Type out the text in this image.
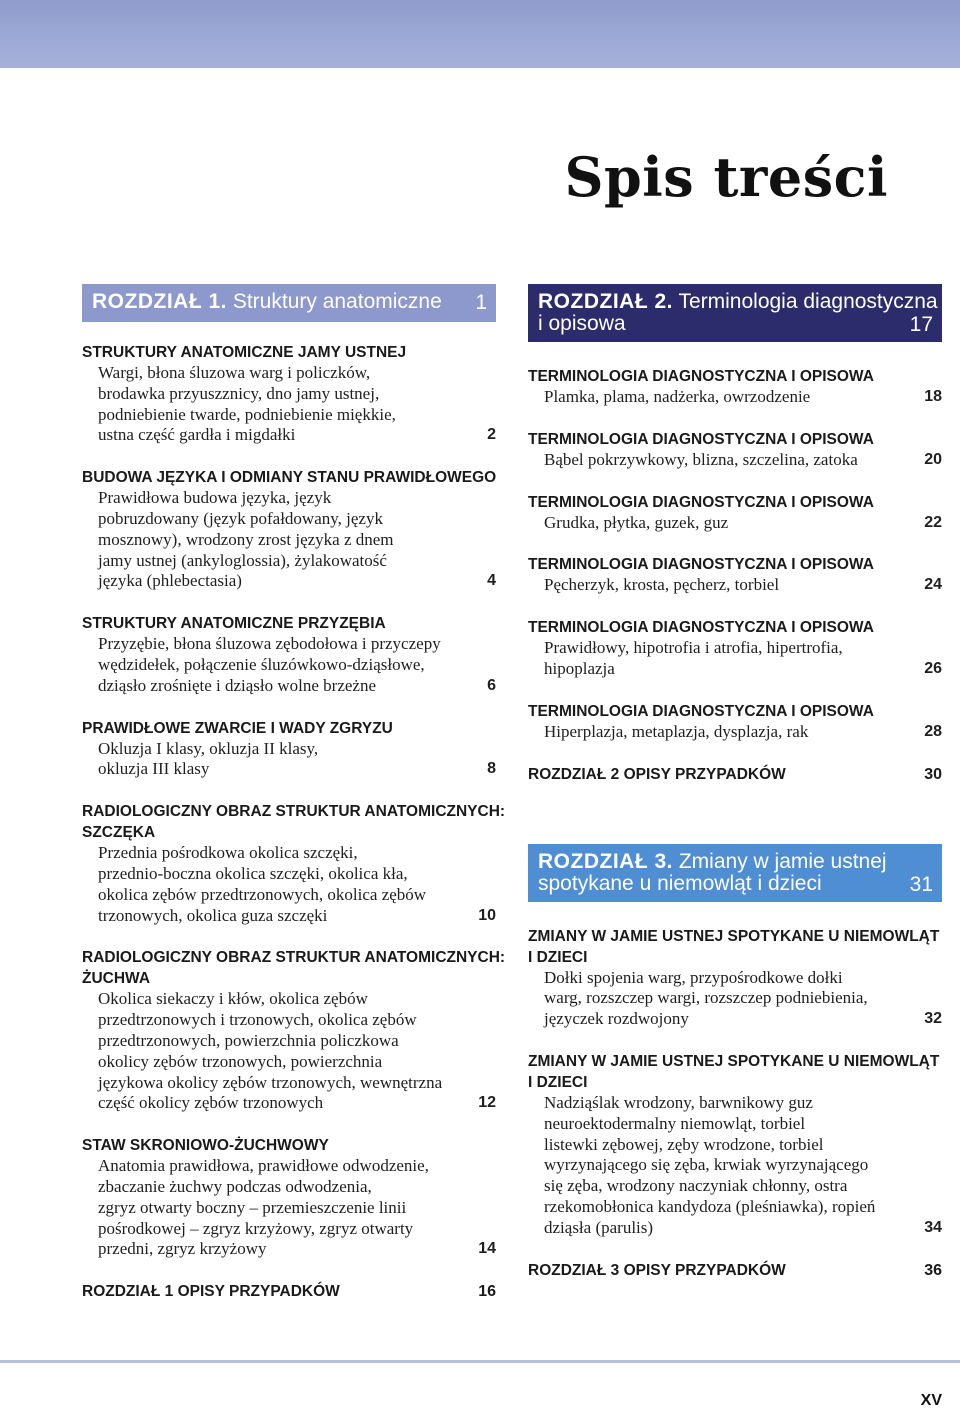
Spis treści
ROZDZIAŁ 1. Struktury anatomiczne 1
STRUKTURY ANATOMICZNE JAMY USTNEJ
Wargi, błona śluzowa warg i policzków,
brodawka przyuszznicy, dno jamy ustnej,
podniebienie twarde, podniebienie miękkie,
ustna część gardła i migdałki	2
BUDOWA JĘZYKA I ODMIANY STANU PRAWIDŁOWEGO
Prawidłowa budowa języka, język
pobruzdowany (język pofałdowany, język
mosznowy), wrodzony zrost języka z dnem
jamy ustnej (ankyloglossia), żylakowatość
języka (phlebectasia)	4
STRUKTURY ANATOMICZNE PRZYZĘBIA
Przyzębie, błona śluzowa zębodołowa i przyczepy
wędzidełek, połączenie śluzówkowo-dziąsłowe,
dziąsło zrośnięte i dziąsło wolne brzeżne	6
PRAWIDŁOWE ZWARCIE I WADY ZGRYZU
Okluzja I klasy, okluzja II klasy,
okluzja III klasy	8
RADIOLOGICZNY OBRAZ STRUKTUR ANATOMICZNYCH:
SZCZĘKA
Przednia pośrodkowa okolica szczęki,
przednio-boczna okolica szczęki, okolica kła,
okolica zębów przedtrzonowych, okolica zębów
trzonowych, okolica guza szczęki	10
RADIOLOGICZNY OBRAZ STRUKTUR ANATOMICZNYCH:
ŻUCHWA
Okolica siekaczy i kłów, okolica zębów
przedtrzonowych i trzonowych, okolica zębów
przedtrzonowych, powierzchnia policzkowa
okolicy zębów trzonowych, powierzchnia
językowa okolicy zębów trzonowych, wewnętrzna
część okolicy zębów trzonowych	12
STAW SKRONIOWO-ŻUCHWOWY
Anatomia prawidłowa, prawidłowe odwodzenie,
zbaczanie żuchwy podczas odwodzenia,
zgryz otwarty boczny – przemieszczenie linii
pośrodkowej – zgryz krzyżowy, zgryz otwarty
przedni, zgryz krzyżowy	14
ROZDZIAŁ 1 OPISY PRZYPADKÓW	16
ROZDZIAŁ 2. Terminologia diagnostyczna
i opisowa	17
TERMINOLOGIA DIAGNOSTYCZNA I OPISOWA
Plamka, plama, nadżerka, owrzodzenie	18
TERMINOLOGIA DIAGNOSTYCZNA I OPISOWA
Bąbel pokrzywkowy, blizna, szczelina, zatoka	20
TERMINOLOGIA DIAGNOSTYCZNA I OPISOWA
Grudka, płytka, guzek, guz	22
TERMINOLOGIA DIAGNOSTYCZNA I OPISOWA
Pęcherzyk, krosta, pęcherz, torbiel	24
TERMINOLOGIA DIAGNOSTYCZNA I OPISOWA
Prawidłowy, hipotrofia i atrofia, hipertrofia,
hipoplazja	26
TERMINOLOGIA DIAGNOSTYCZNA I OPISOWA
Hiperplazja, metaplazja, dysplazja, rak	28
ROZDZIAŁ 2 OPISY PRZYPADKÓW	30
ROZDZIAŁ 3. Zmiany w jamie ustnej
spotykane u niemowląt i dzieci	31
ZMIANY W JAMIE USTNEJ SPOTYKANE U NIEMOWLĄT
I DZIECI
Dołki spojenia warg, przypośrodkowe dołki
warg, rozszczep wargi, rozszczep podniebienia,
języczek rozdwojony	32
ZMIANY W JAMIE USTNEJ SPOTYKANE U NIEMOWLĄT
I DZIECI
Nadziąślak wrodzony, barwnikowy guz
neuroektodermalny niemowląt, torbiel
listewki zębowej, zęby wrodzone, torbiel
wyrzynającego się zęba, krwiak wyrzynającego
się zęba, wrodzony naczyniak chłonny, ostra
rzekomobłonica kandydoza (pleśniawka), ropień
dziąsła (parulis)	34
ROZDZIAŁ 3 OPISY PRZYPADKÓW	36
XV
